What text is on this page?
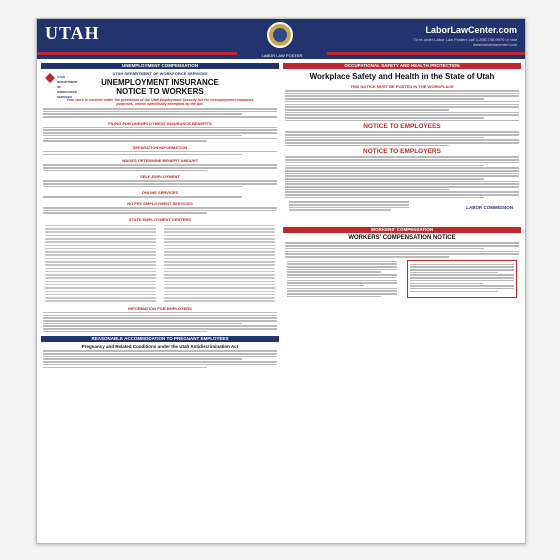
UTAH	LaborLawCenter.com
To re-order Labor Law Posters call 1-800-745-9970 or visit www.laborlawcenter.com
LABOR LAW POSTER
UNEMPLOYMENT COMPENSATION
UTAH DEPARTMENT OF WORKFORCE SERVICES
UTAH DEPARTMENT OF WORKFORCE SERVICES
UNEMPLOYMENT INSURANCE
NOTICE TO WORKERS
Your work is covered under the provisions of the Utah Employment Security Act for unemployment insurance purposes, unless specifically exempted by the Act.
FILING FOR UNEMPLOYMENT INSURANCE BENEFITS
SEPARATION INFORMATION
WAGES DETERMINE BENEFIT AMOUNT
SELF-EMPLOYMENT
ONLINE SERVICES
NO FEE EMPLOYMENT SERVICES
STATE EMPLOYMENT CENTERS
INFORMATION FOR EMPLOYERS
REASONABLE ACCOMMODATION TO PREGNANT EMPLOYEES
Pregnancy and Related Conditions under the Utah Antidiscrimination Act
OCCUPATIONAL SAFETY AND HEALTH PROTECTION
Workplace Safety and Health in the State of Utah
THIS NOTICE MUST BE POSTED IN THE WORKPLACE
NOTICE TO EMPLOYEES
NOTICE TO EMPLOYERS
LABOR COMMISSION
WORKERS' COMPENSATION
WORKERS' COMPENSATION NOTICE
